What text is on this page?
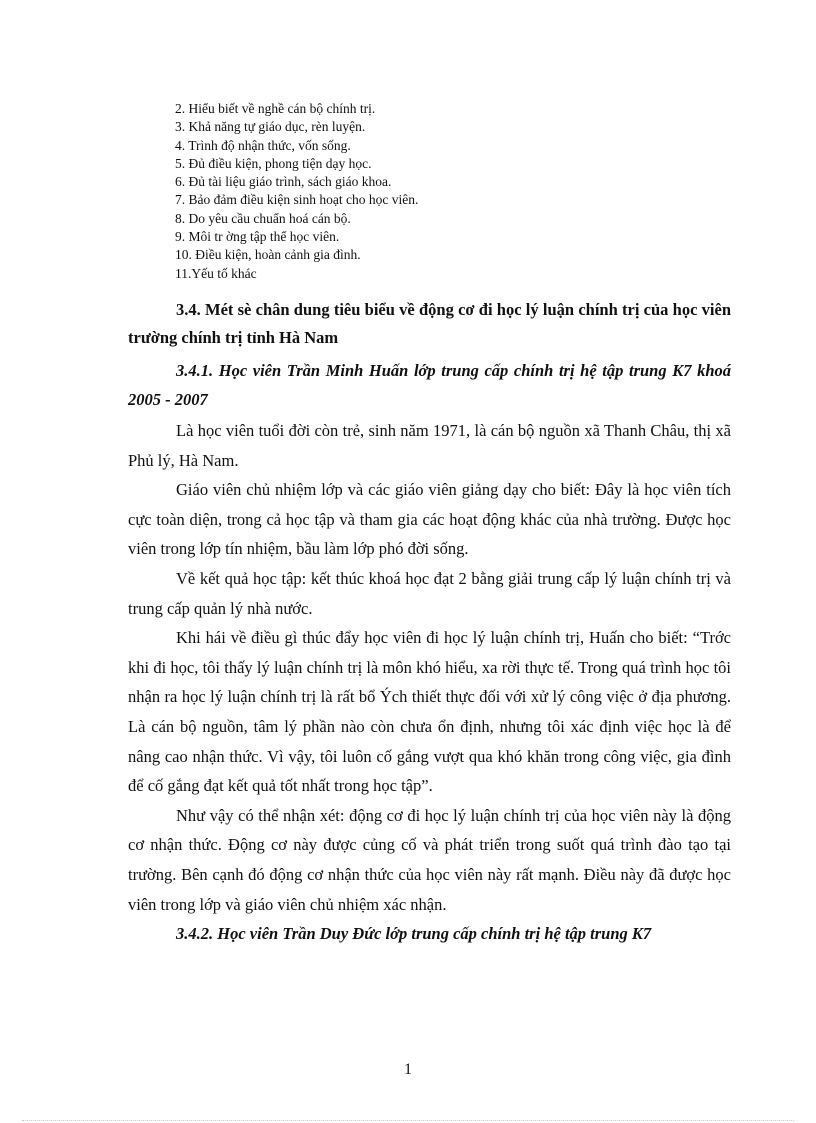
2. Hiểu biết về nghề cán bộ chính trị.
3. Khả năng tự giáo dục, rèn luyện.
4. Trình độ nhận thức, vốn sống.
5. Đủ điều kiện, phong tiện dạy học.
6. Đủ tài liệu giáo trình, sách giáo khoa.
7. Bảo đảm điều kiện sinh hoạt cho học viên.
8. Do yêu cầu chuẩn hoá cán bộ.
9. Môi tr ờng tập thể học viên.
10. Điều kiện, hoàn cảnh gia đình.
11.Yếu tố khác
3.4. Mét sè chân dung tiêu biểu về động cơ đi học lý luận chính trị của học viên trường chính trị tỉnh Hà Nam
3.4.1. Học viên Trần Minh Huấn lớp trung cấp chính trị hệ tập trung K7 khoá 2005 - 2007

Là học viên tuổi đời còn trẻ, sinh năm 1971, là cán bộ nguồn xã Thanh Châu, thị xã Phủ lý, Hà Nam.

Giáo viên chủ nhiệm lớp và các giáo viên giảng dạy cho biết: Đây là học viên tích cực toàn diện, trong cả học tập và tham gia các hoạt động khác của nhà trường. Được học viên trong lớp tín nhiệm, bầu làm lớp phó đời sống.

Về kết quả học tập: kết thúc khoá học đạt 2 bằng giải trung cấp lý luận chính trị và trung cấp quản lý nhà nước.

Khi hái về điều gì thúc đẩy học viên đi học lý luận chính trị, Huấn cho biết: “Trớc khi đi học, tôi thấy lý luận chính trị là môn khó hiểu, xa rời thực tế. Trong quá trình học tôi nhận ra học lý luận chính trị là rất bổ Ých thiết thực đối với xử lý công việc ở địa phương. Là cán bộ nguồn, tâm lý phần nào còn chưa ổn định, nhưng tôi xác định việc học là để nâng cao nhận thức. Vì vậy, tôi luôn cố gắng vượt qua khó khăn trong công việc, gia đình để cố gắng đạt kết quả tốt nhất trong học tập”.

Như vậy có thể nhận xét: động cơ đi học lý luận chính trị của học viên này là động cơ nhận thức. Động cơ này được củng cố và phát triển trong suốt quá trình đào tạo tại trường. Bên cạnh đó động cơ nhận thức của học viên này rất mạnh. Điều này đã được học viên trong lớp và giáo viên chủ nhiệm xác nhận.

3.4.2. Học viên Trần Duy Đức lớp trung cấp chính trị hệ tập trung K7

1
